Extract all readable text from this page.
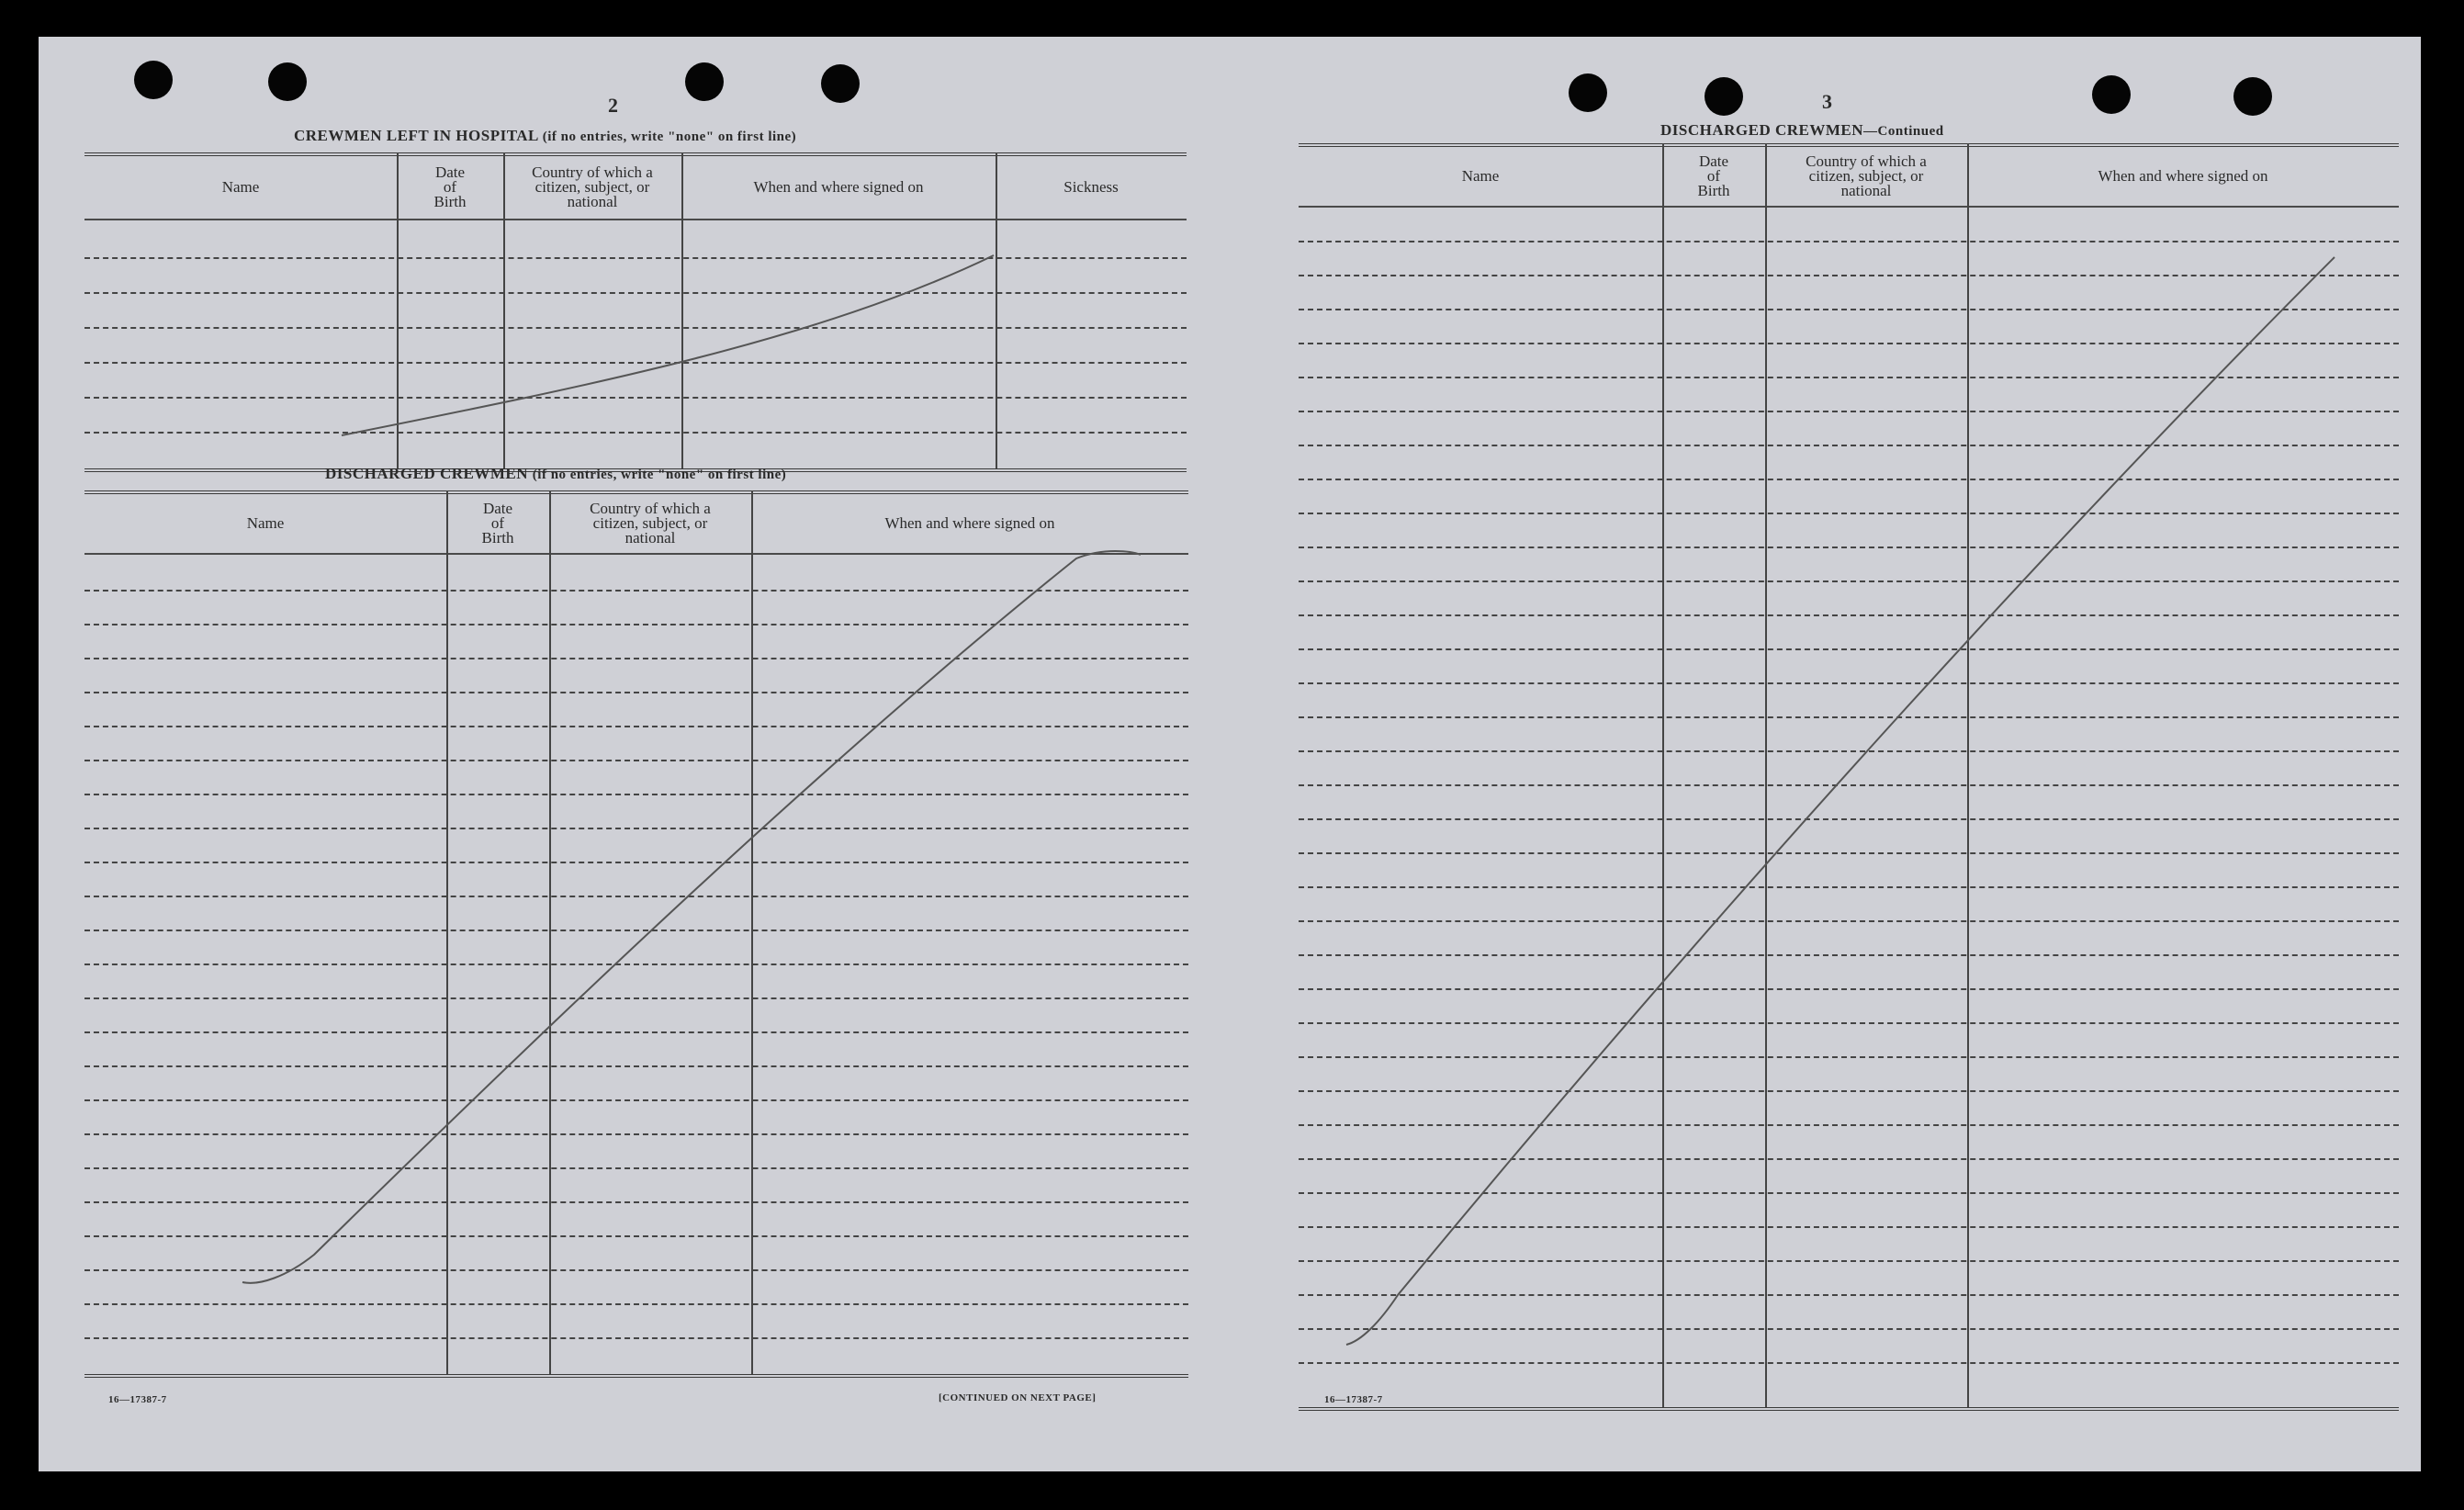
2
CREWMEN LEFT IN HOSPITAL (if no entries, write "none" on first line)
Name
Date
of
Birth
Country of which a
citizen, subject, or
national
When and where signed on	Sickness
DISCHARGED CREWMEN (if no entries, write "none" on first line)
Name
Date
of
Birth
Country of which a
citizen, subject, or
national
When and where signed on
16—17387-7	[CONTINUED ON NEXT PAGE]
3
DISCHARGED CREWMEN—Continued
Name
Date
of
Birth
Country of which a
citizen, subject, or
national
When and where signed on
16—17387-7
